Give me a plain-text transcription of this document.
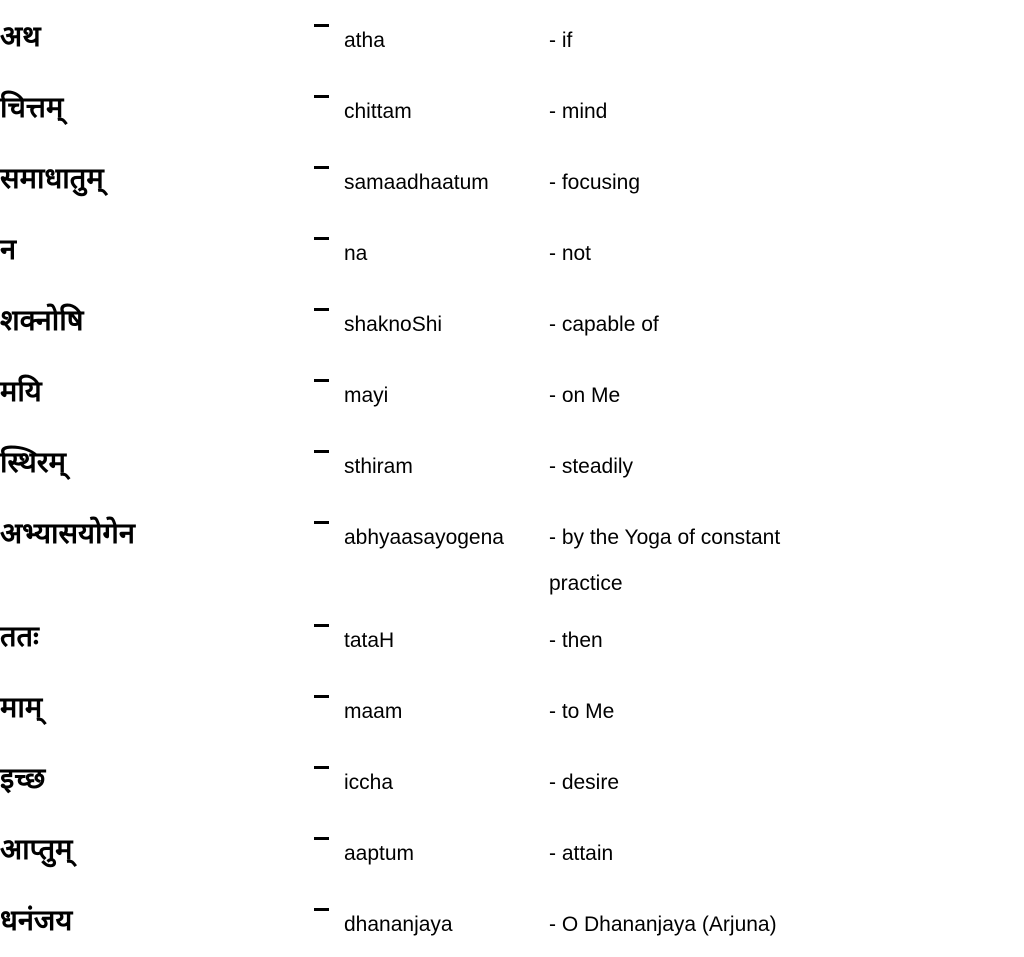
अथ	atha	- if
चित्तम्	chittam	- mind
समाधातुम्	samaadhaatum	- focusing
न	na	- not
शक्नोषि	shaknoShi	- capable of
मयि	mayi	- on Me
स्थिरम्	sthiram	- steadily
अभ्यासयोगेन	abhyaasayogena - by the Yoga of constant practice
ततः	tataH	- then
माम्	maam	- to Me
इच्छ	iccha	- desire
आप्तुम्	aaptum	- attain
धनंजय	dhananjaya	- O Dhananjaya (Arjuna)
